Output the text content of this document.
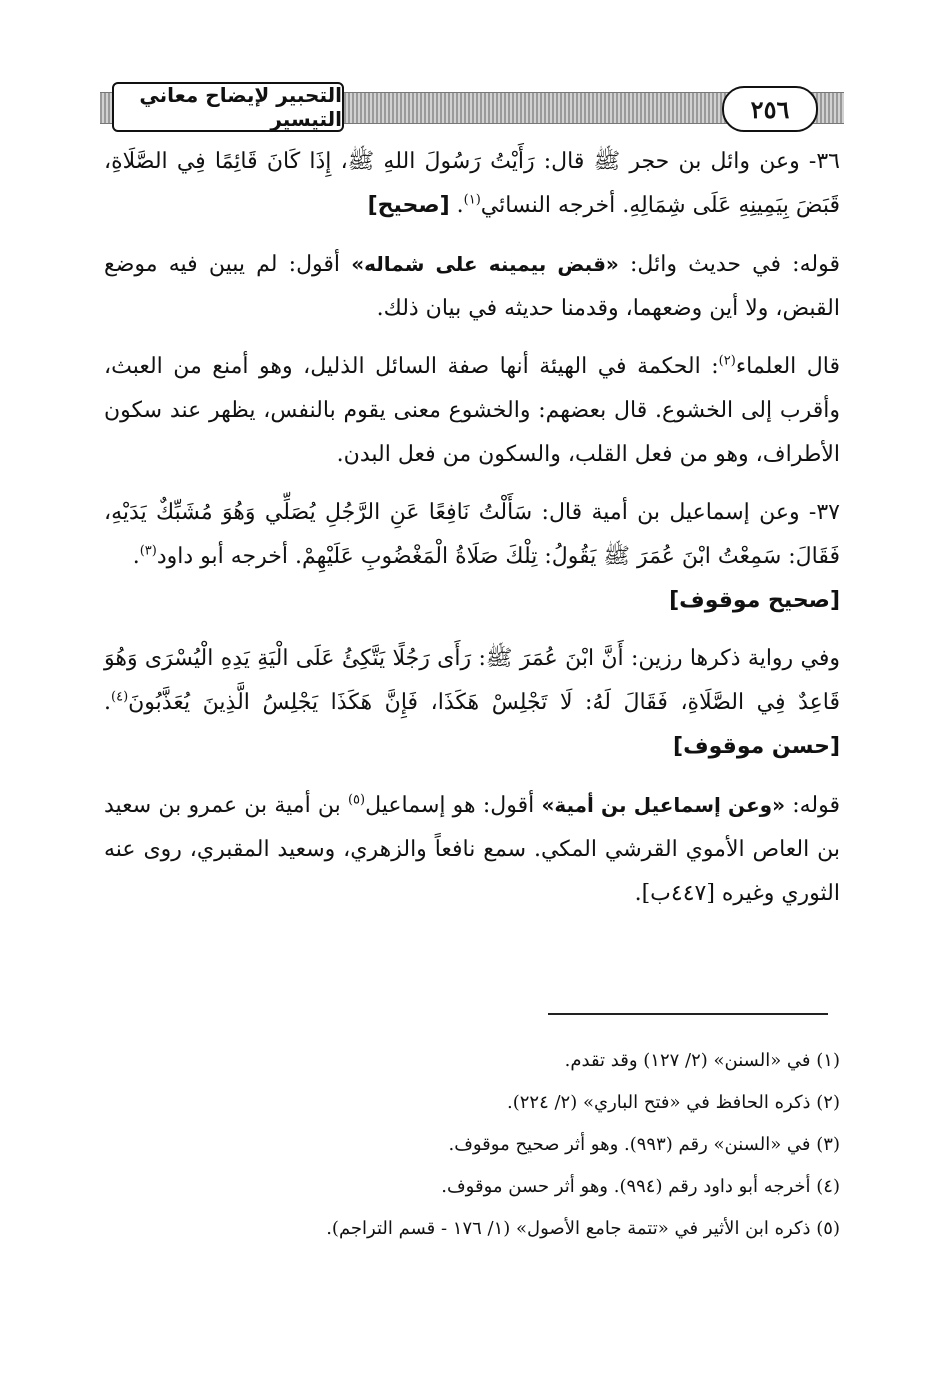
التحبير لإيضاح معاني التيسير	٢٥٦

٣٦- وعن وائل بن حجر ﷺ قال: رَأَيْتُ رَسُولَ اللهِ ﷺ، إِذَا كَانَ قَائِمًا فِي الصَّلَاةِ، قَبَضَ بِيَمِينِهِ عَلَى شِمَالِهِ. أخرجه النسائي$^{(١)}$. [صحيح]

قوله: في حديث وائل: «قبض بيمينه على شماله» أقول: لم يبين فيه موضع القبض، ولا أين وضعهما، وقدمنا حديثه في بيان ذلك.

قال العلماء$^{(٢)}$: الحكمة في الهيئة أنها صفة السائل الذليل، وهو أمنع من العبث، وأقرب إلى الخشوع. قال بعضهم: والخشوع معنى يقوم بالنفس، يظهر عند سكون الأطراف، وهو من فعل القلب، والسكون من فعل البدن.

٣٧- وعن إسماعيل بن أمية قال: سَأَلْتُ نَافِعًا عَنِ الرَّجُلِ يُصَلِّي وَهُوَ مُشَبِّكٌ يَدَيْهِ، فَقَالَ: سَمِعْتُ ابْنَ عُمَرَ ﷺ يَقُولُ: تِلْكَ صَلَاةُ الْمَغْضُوبِ عَلَيْهِمْ. أخرجه أبو داود$^{(٣)}$.
[صحيح موقوف]

وفي رواية ذكرها رزين: أَنَّ ابْنَ عُمَرَ ﷺ: رَأَى رَجُلًا يَتَّكِئُ عَلَى الْيَةِ يَدِهِ الْيُسْرَى وَهُوَ قَاعِدٌ فِي الصَّلَاةِ، فَقَالَ لَهُ: لَا تَجْلِسْ هَكَذَا، فَإِنَّ هَكَذَا يَجْلِسُ الَّذِينَ يُعَذَّبُونَ$^{(٤)}$. [حسن موقوف]

قوله: «وعن إسماعيل بن أمية» أقول: هو إسماعيل$^{(٥)}$ بن أمية بن عمرو بن سعيد بن العاص الأموي القرشي المكي. سمع نافعاً والزهري، وسعيد المقبري، روى عنه الثوري وغيره [٤٤٧ب].

(١) في «السنن» (٢/ ١٢٧) وقد تقدم.
(٢) ذكره الحافظ في «فتح الباري» (٢/ ٢٢٤).
(٣) في «السنن» رقم (٩٩٣). وهو أثر صحيح موقوف.
(٤) أخرجه أبو داود رقم (٩٩٤). وهو أثر حسن موقوف.
(٥) ذكره ابن الأثير في «تتمة جامع الأصول» (١/ ١٧٦ - قسم التراجم).
